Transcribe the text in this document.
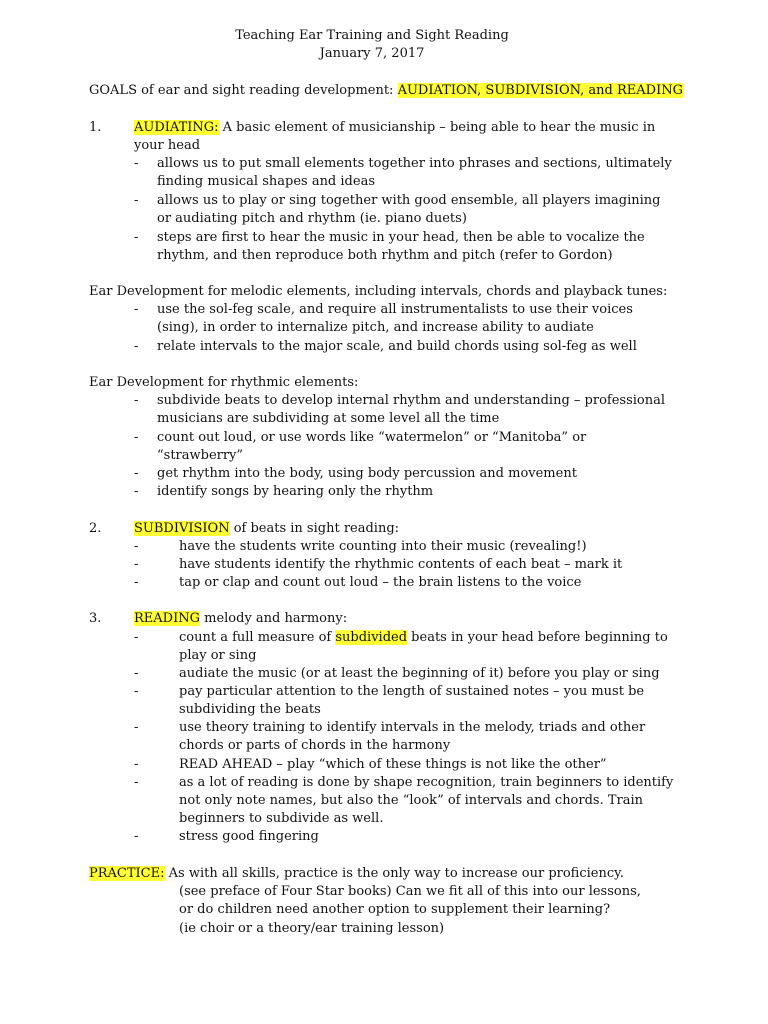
Teaching Ear Training and Sight Reading
January 7, 2017
GOALS of ear and sight reading development: AUDIATION, SUBDIVISION, and READING
1.	AUDIATING: A basic element of musicianship – being able to hear the music in
your head
- allows us to put small elements together into phrases and sections, ultimately
finding musical shapes and ideas
- allows us to play or sing together with good ensemble, all players imagining
or audiating pitch and rhythm (ie. piano duets)
- steps are first to hear the music in your head, then be able to vocalize the
rhythm, and then reproduce both rhythm and pitch (refer to Gordon)
Ear Development for melodic elements, including intervals, chords and playback tunes:
- use the sol-feg scale, and require all instrumentalists to use their voices
(sing), in order to internalize pitch, and increase ability to audiate
- relate intervals to the major scale, and build chords using sol-feg as well
Ear Development for rhythmic elements:
- subdivide beats to develop internal rhythm and understanding – professional
musicians are subdividing at some level all the time
- count out loud, or use words like “watermelon” or “Manitoba” or
“strawberry”
- get rhythm into the body, using body percussion and movement
- identify songs by hearing only the rhythm
2.	SUBDIVISION of beats in sight reading:
-	have the students write counting into their music (revealing!)
-	have students identify the rhythmic contents of each beat – mark it
-	tap or clap and count out loud – the brain listens to the voice
3.	READING melody and harmony:
-	count a full measure of subdivided beats in your head before beginning to
play or sing
-	audiate the music (or at least the beginning of it) before you play or sing
-	pay particular attention to the length of sustained notes – you must be
subdividing the beats
-	use theory training to identify intervals in the melody, triads and other
chords or parts of chords in the harmony
-	READ AHEAD – play “which of these things is not like the other”
-	as a lot of reading is done by shape recognition, train beginners to identify
not only note names, but also the “look” of intervals and chords. Train
beginners to subdivide as well.
-	stress good fingering
PRACTICE: As with all skills, practice is the only way to increase our proficiency.
(see preface of Four Star books) Can we fit all of this into our lessons,
or do children need another option to supplement their learning?
(ie choir or a theory/ear training lesson)
